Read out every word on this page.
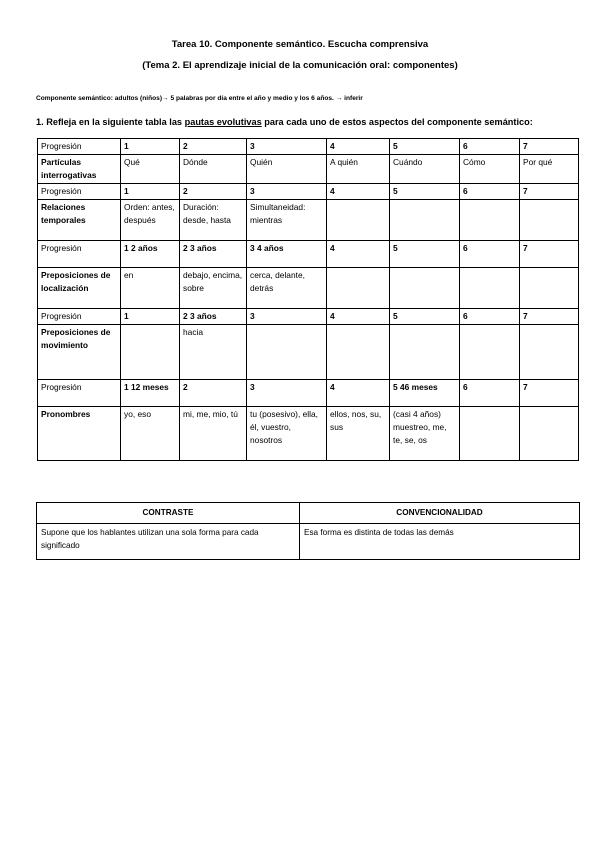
Tarea 10. Componente semántico. Escucha comprensiva
(Tema 2. El aprendizaje inicial de la comunicación oral: componentes)
Componente semántico: adultos (niños)→ 5 palabras por día entre el año y medio y los 6 años. → inferir
1. Refleja en la siguiente tabla las pautas evolutivas para cada uno de estos aspectos del componente semántico:
Progresión	1	2	3	4	5	6	7
Partículas interrogativas	Qué	Dónde	Quién	A quién	Cuándo	Cómo	Por qué
Progresión	1	2	3	4	5	6	7
Relaciones temporales	Orden: antes, después	Duración: desde, hasta	Simultaneidad: mientras				
Progresión	1 2 años	2 3 años	3 4 años	4	5	6	7
Preposiciones de localización	en	debajo, encima, sobre	cerca, delante, detrás				
Progresión	1	2 3 años	3	4	5	6	7
Preposiciones de movimiento		hacia					
Progresión	1 12 meses	2	3	4	5 46 meses	6	7
Pronombres	yo, eso	mi, me, mio, tú	tu (posesivo), ella, él, vuestro, nosotros	ellos, nos, su, sus	(casi 4 años) muestreo, me, te, se, os		
CONTRASTE	CONVENCIONALIDAD
Supone que los hablantes utilizan una sola forma para cada significado	Esa forma es distinta de todas las demás
